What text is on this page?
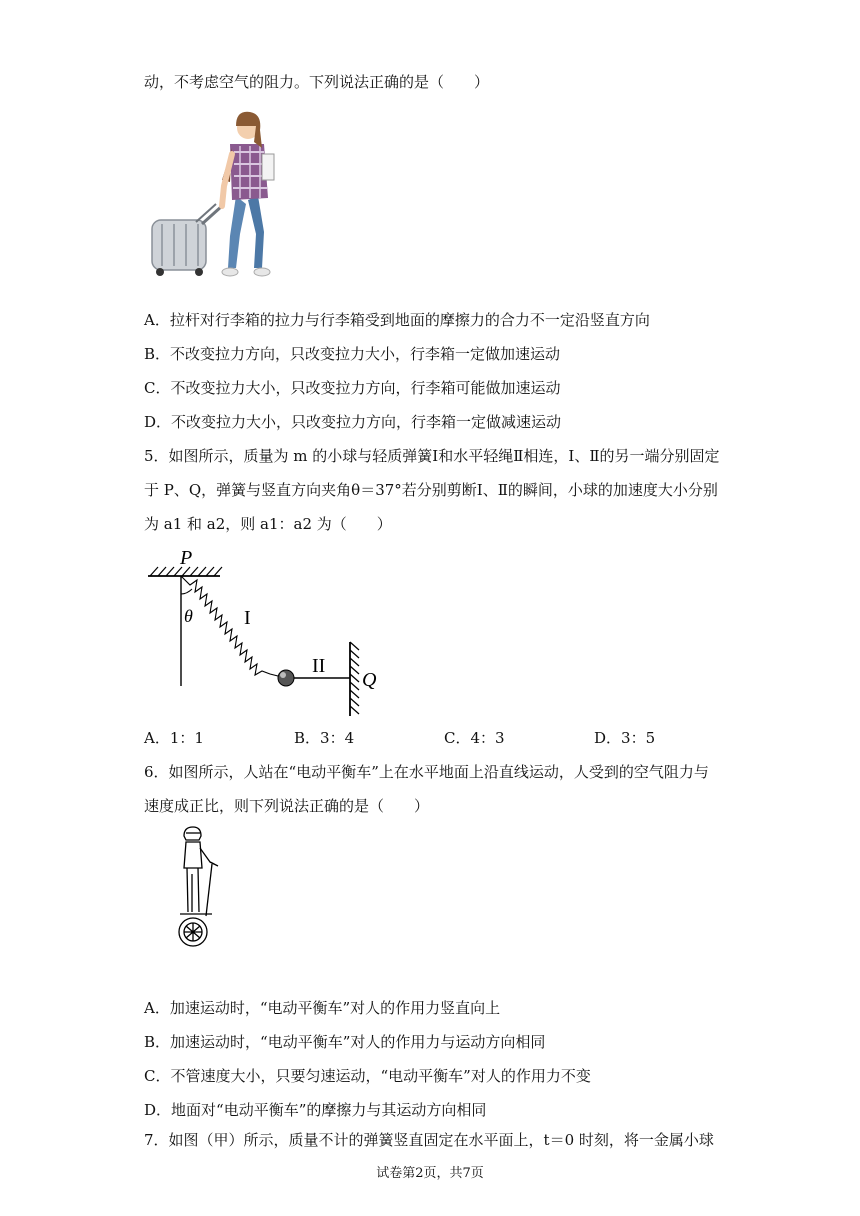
动，不考虑空气的阻力。下列说法正确的是（　　）
A．拉杆对行李箱的拉力与行李箱受到地面的摩擦力的合力不一定沿竖直方向
B．不改变拉力方向，只改变拉力大小，行李箱一定做加速运动
C．不改变拉力大小，只改变拉力方向，行李箱可能做加速运动
D．不改变拉力大小，只改变拉力方向，行李箱一定做减速运动
5．如图所示，质量为 m 的小球与轻质弹簧Ⅰ和水平轻绳Ⅱ相连，Ⅰ、Ⅱ的另一端分别固定
于 P、Q，弹簧与竖直方向夹角θ＝37°若分别剪断Ⅰ、Ⅱ的瞬间，小球的加速度大小分别
为 a1 和 a2，则 a1：a2 为（　　）
P
θ	I
II
Q
A．1：1	B．3：4	C．4：3	D．3：5
6．如图所示，人站在“电动平衡车”上在水平地面上沿直线运动，人受到的空气阻力与
速度成正比，则下列说法正确的是（　　）
A．加速运动时，“电动平衡车”对人的作用力竖直向上
B．加速运动时，“电动平衡车”对人的作用力与运动方向相同
C．不管速度大小，只要匀速运动，“电动平衡车”对人的作用力不变
D．地面对“电动平衡车”的摩擦力与其运动方向相同
7．如图（甲）所示，质量不计的弹簧竖直固定在水平面上，t＝0 时刻，将一金属小球
试卷第2页，共7页
